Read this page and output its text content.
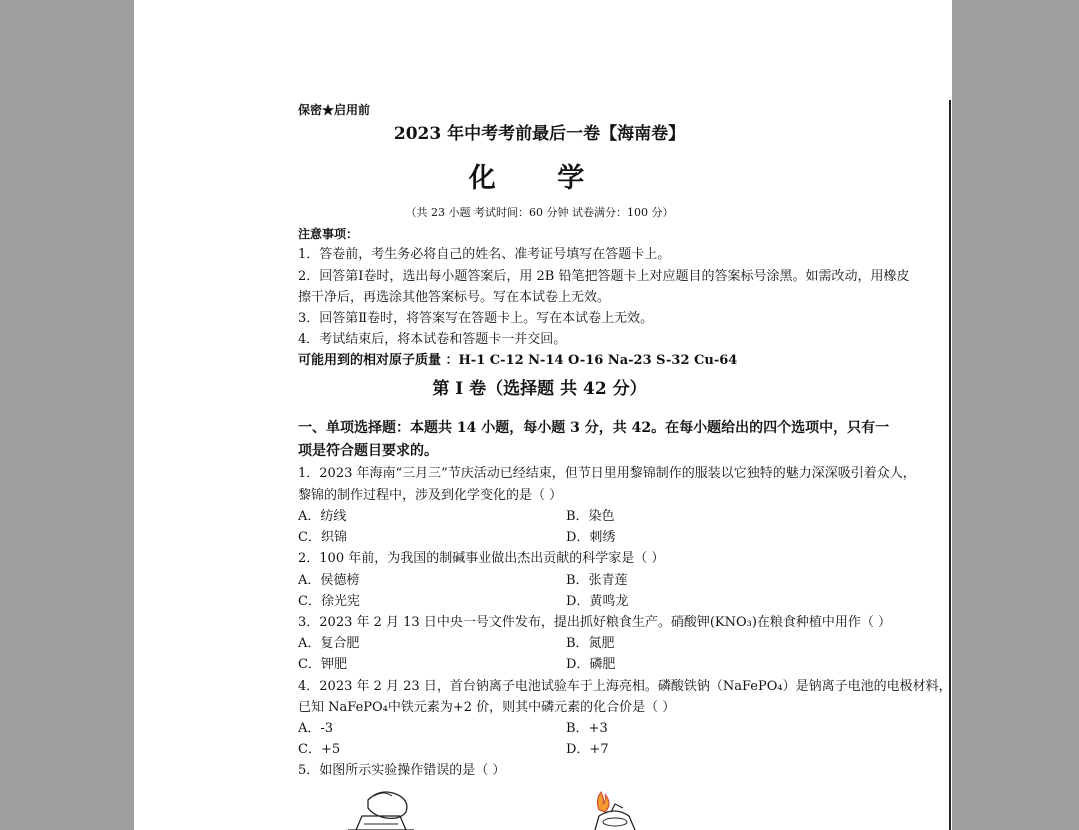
保密★启用前
2023 年中考考前最后一卷【海南卷】
化 学
（共 23 小题 考试时间：60 分钟 试卷满分：100 分）
注意事项：
1．答卷前，考生务必将自己的姓名、准考证号填写在答题卡上。
2．回答第Ⅰ卷时，选出每小题答案后，用 2B 铅笔把答题卡上对应题目的答案标号涂黑。如需改动，用橡皮
擦干净后，再选涂其他答案标号。写在本试卷上无效。
3．回答第Ⅱ卷时，将答案写在答题卡上。写在本试卷上无效。
4．考试结束后，将本试卷和答题卡一并交回。
可能用到的相对原子质量 ：H-1 C-12 N-14 O-16 Na-23 S-32 Cu-64
第 I 卷（选择题 共 42 分）
一、单项选择题：本题共 14 小题，每小题 3 分，共 42。在每小题给出的四个选项中，只有一
项是符合题目要求的。
1．2023 年海南“三月三”节庆活动已经结束，但节日里用黎锦制作的服装以它独特的魅力深深吸引着众人，
黎锦的制作过程中，涉及到化学变化的是（ ）
A．纺线	B．染色
C．织锦	D．刺绣
2．100 年前，为我国的制碱事业做出杰出贡献的科学家是（ ）
A．侯德榜	B．张青莲
C．徐光宪	D．黄鸣龙
3．2023 年 2 月 13 日中央一号文件发布，提出抓好粮食生产。硝酸钾(KNO₃)在粮食种植中用作（ ）
A．复合肥	B．氮肥
C．钾肥	D．磷肥
4．2023 年 2 月 23 日，首台钠离子电池试验车于上海亮相。磷酸铁钠（NaFePO₄）是钠离子电池的电极材料，
已知 NaFePO₄中铁元素为+2 价，则其中磷元素的化合价是（ ）
A．-3	B．+3
C．+5	D．+7
5．如图所示实验操作错误的是（ ）
